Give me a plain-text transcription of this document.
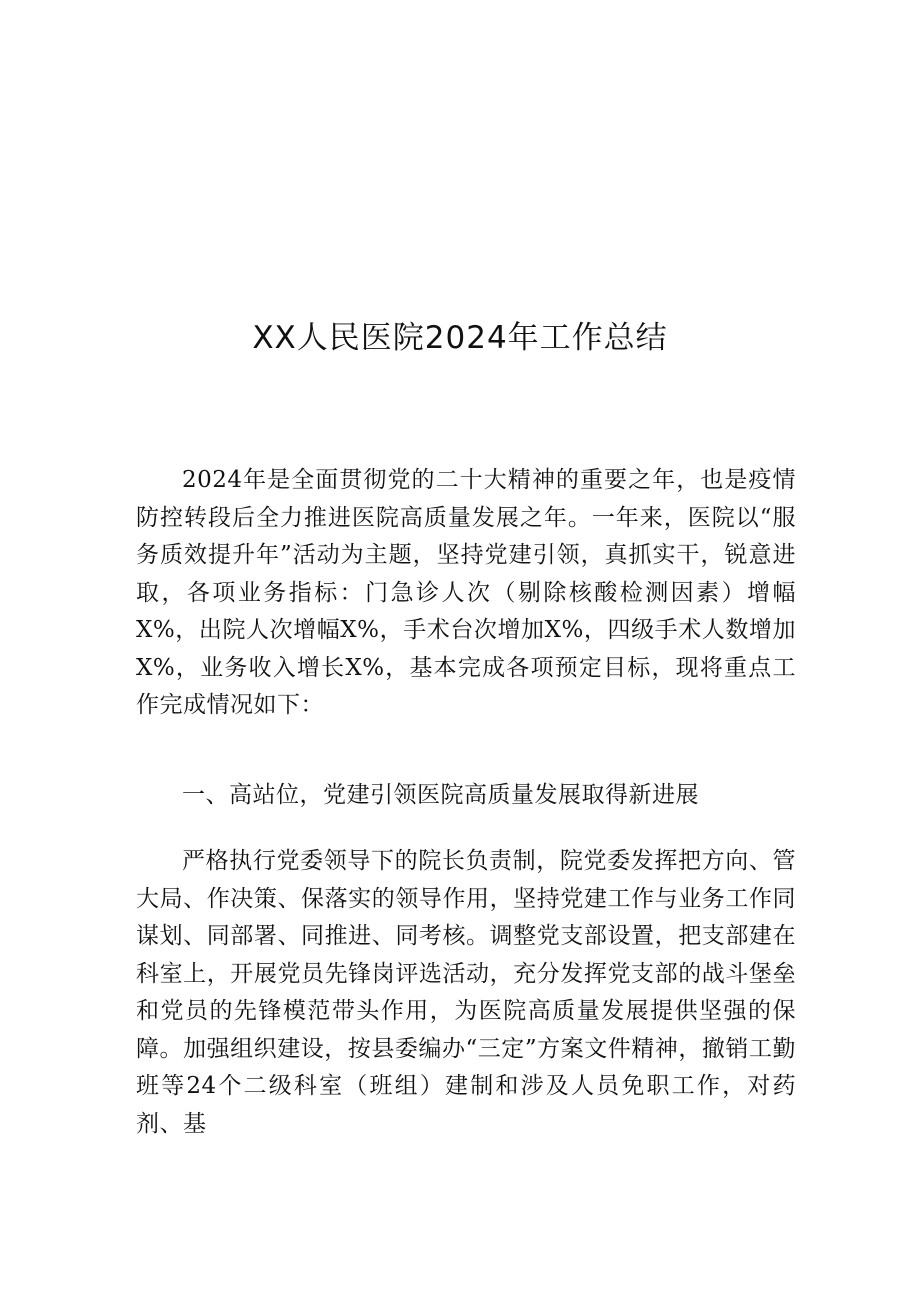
XX人民医院2024年工作总结

2024年是全面贯彻党的二十大精神的重要之年，也是疫情防控转段后全力推进医院高质量发展之年。一年来，医院以“服务质效提升年”活动为主题，坚持党建引领，真抓实干，锐意进取，各项业务指标：门急诊人次（剔除核酸检测因素）增幅X%，出院人次增幅X%，手术台次增加X%，四级手术人数增加X%，业务收入增长X%，基本完成各项预定目标，现将重点工作完成情况如下：

一、高站位，党建引领医院高质量发展取得新进展

严格执行党委领导下的院长负责制，院党委发挥把方向、管大局、作决策、保落实的领导作用，坚持党建工作与业务工作同谋划、同部署、同推进、同考核。调整党支部设置，把支部建在科室上，开展党员先锋岗评选活动，充分发挥党支部的战斗堡垒和党员的先锋模范带头作用，为医院高质量发展提供坚强的保障。加强组织建设，按县委编办“三定”方案文件精神，撤销工勤班等24个二级科室（班组）建制和涉及人员免职工作，对药剂、基
